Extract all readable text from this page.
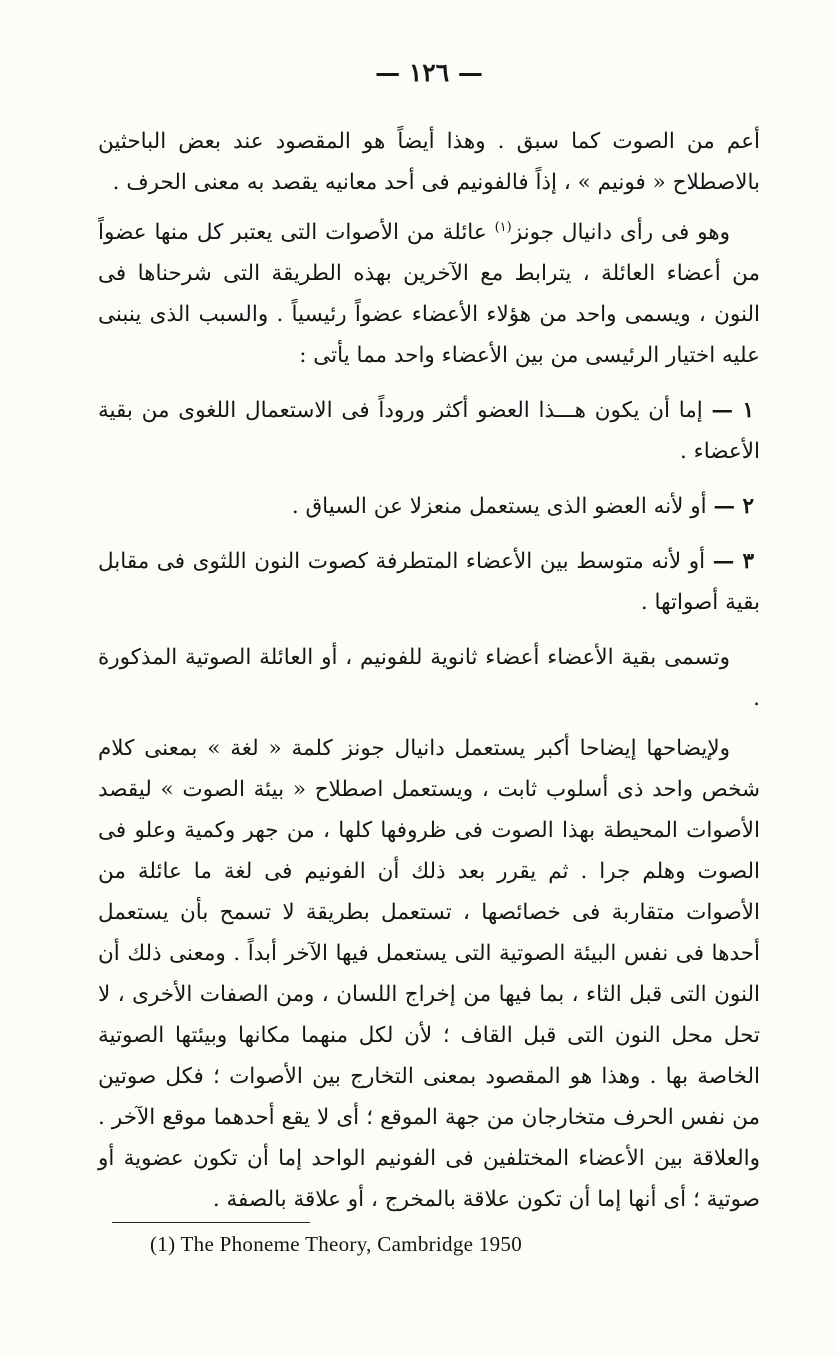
— ١٢٦ —

أعم من الصوت كما سبق . وهذا أيضاً هو المقصود عند بعض الباحثين بالاصطلاح « فونيم » ، إذاً فالفونيم فى أحد معانيه يقصد به معنى الحرف .

وهو فى رأى دانيال جونز$^{(١)}$ عائلة من الأصوات التى يعتبر كل منها عضواً من أعضاء العائلة ، يترابط مع الآخرين بهذه الطريقة التى شرحناها فى النون ، ويسمى واحد من هؤلاء الأعضاء عضواً رئيسياً . والسبب الذى ينبنى عليه اختيار الرئيسى من بين الأعضاء واحد مما يأتى :

١ — إما أن يكون هـــذا العضو أكثر وروداً فى الاستعمال اللغوى من بقية الأعضاء .

٢ — أو لأنه العضو الذى يستعمل منعزلا عن السياق .

٣ — أو لأنه متوسط بين الأعضاء المتطرفة كصوت النون اللثوى فى مقابل بقية أصواتها .

وتسمى بقية الأعضاء أعضاء ثانوية للفونيم ، أو العائلة الصوتية المذكورة .

ولإيضاحها إيضاحا أكبر يستعمل دانيال جونز كلمة « لغة » بمعنى كلام شخص واحد ذى أسلوب ثابت ، ويستعمل اصطلاح « بيئة الصوت » ليقصد الأصوات المحيطة بهذا الصوت فى ظروفها كلها ، من جهر وكمية وعلو فى الصوت وهلم جرا . ثم يقرر بعد ذلك أن الفونيم فى لغة ما عائلة من الأصوات متقاربة فى خصائصها ، تستعمل بطريقة لا تسمح بأن يستعمل أحدها فى نفس البيئة الصوتية التى يستعمل فيها الآخر أبداً . ومعنى ذلك أن النون التى قبل الثاء ، بما فيها من إخراج اللسان ، ومن الصفات الأخرى ، لا تحل محل النون التى قبل القاف ؛ لأن لكل منهما مكانها وبيئتها الصوتية الخاصة بها . وهذا هو المقصود بمعنى التخارج بين الأصوات ؛ فكل صوتين من نفس الحرف متخارجان من جهة الموقع ؛ أى لا يقع أحدهما موقع الآخر . والعلاقة بين الأعضاء المختلفين فى الفونيم الواحد إما أن تكون عضوية أو صوتية ؛ أى أنها إما أن تكون علاقة بالمخرج ، أو علاقة بالصفة .

(1) The Phoneme Theory, Cambridge 1950
